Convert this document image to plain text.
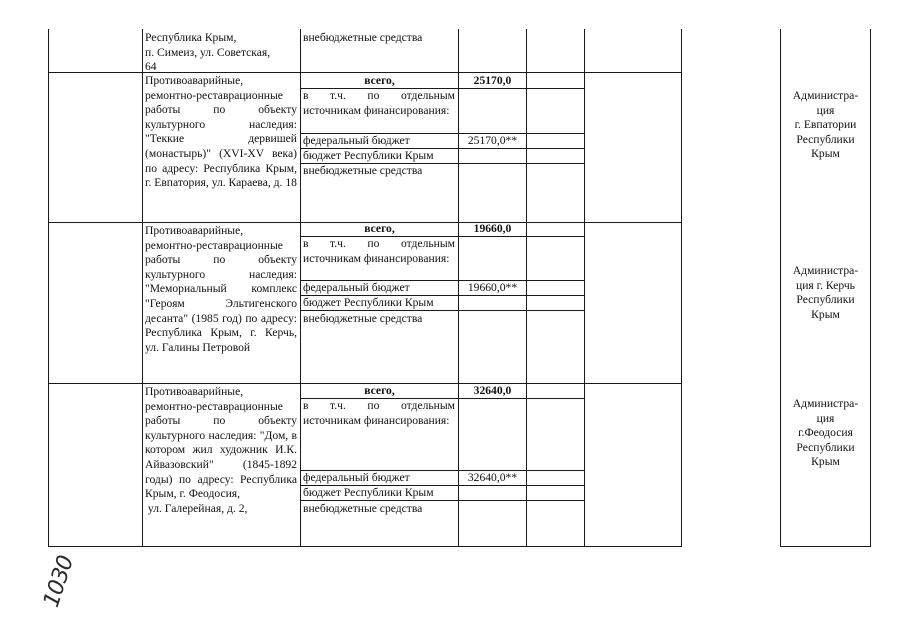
Республика Крым,
п. Симеиз, ул. Советская,
64
внебюджетные средства
Противоаварийные, ремонтно-реставрационные работы по объекту культурного наследия: "Теккие дервишей (монастырь)" (XVI-XV века) по адресу: Республика Крым, г. Евпатория, ул. Караева, д. 18
всего,
в т.ч. по отдельным источникам финансирования:
федеральный бюджет
бюджет Республики Крым
внебюджетные средства
25170,0
25170,0**
Администра-
ция
г. Евпатории
Республики
Крым
Противоаварийные, ремонтно-реставрационные работы по объекту культурного наследия: "Мемориальный комплекс "Героям Эльтигенского десанта" (1985 год) по адресу: Республика Крым, г. Керчь, ул. Галины Петровой
всего,
в т.ч. по отдельным источникам финансирования:
федеральный бюджет
бюджет Республики Крым
внебюджетные средства
19660,0
19660,0**
Администра-
ция г. Керчь
Республики
Крым
Противоаварийные, ремонтно-реставрационные работы по объекту культурного наследия: "Дом, в котором жил художник И.К. Айвазовский" (1845-1892 годы) по адресу: Республика Крым, г. Феодосия,
ул. Галерейная, д. 2,
всего,
в т.ч. по отдельным источникам финансирования:
федеральный бюджет
бюджет Республики Крым
внебюджетные средства
32640,0
32640,0**
Администра-
ция
г.Феодосия
Республики
Крым
1030
